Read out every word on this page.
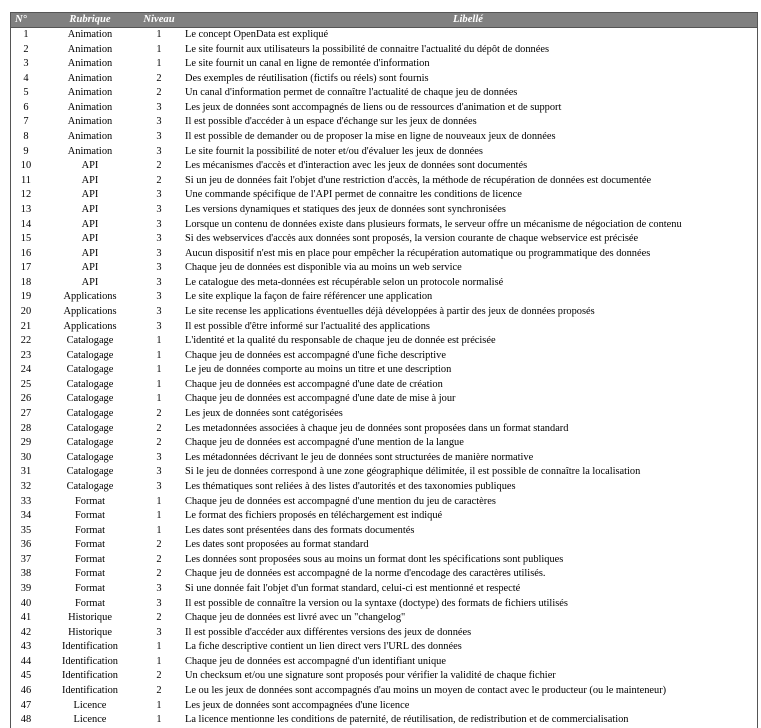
N°	Rubrique	Niveau	Libellé
1	Animation	1	Le concept OpenData est expliqué
2	Animation	1	Le site fournit aux utilisateurs la possibilité de connaitre l'actualité du dépôt de données
3	Animation	1	Le site fournit un canal en ligne de remontée d'information
4	Animation	2	Des exemples de réutilisation (fictifs ou réels) sont fournis
5	Animation	2	Un canal d'information permet de connaître l'actualité de chaque jeu de données
6	Animation	3	Les jeux de données sont accompagnés de liens ou de ressources d'animation et de support
7	Animation	3	Il est possible d'accéder à un espace d'échange sur les jeux de données
8	Animation	3	Il est possible de demander ou de proposer la mise en ligne de nouveaux jeux de données
9	Animation	3	Le site fournit la possibilité de noter et/ou d'évaluer les jeux de données
10	API	2	Les mécanismes d'accès et d'interaction avec les jeux de données sont documentés
11	API	2	Si un jeu de données fait l'objet d'une restriction d'accès, la méthode de récupération de données est documentée
12	API	3	Une commande spécifique de l'API permet de connaitre les conditions de licence
13	API	3	Les versions dynamiques et statiques des jeux de données sont synchronisées
14	API	3	Lorsque un contenu de données existe dans plusieurs formats, le serveur offre un mécanisme de négociation de contenu
15	API	3	Si des webservices d'accès aux données sont proposés, la version courante de chaque webservice est précisée
16	API	3	Aucun dispositif n'est mis en place pour empêcher la récupération automatique ou programmatique des données
17	API	3	Chaque jeu de données est disponible via au moins un web service
18	API	3	Le catalogue des meta-données est récupérable selon un protocole normalisé
19	Applications	3	Le site explique la façon de faire référencer une application
20	Applications	3	Le site recense les applications éventuelles déjà développées à partir des jeux de données proposés
21	Applications	3	Il est possible d'être informé sur l'actualité des applications
22	Catalogage	1	L'identité et la qualité du responsable de chaque jeu de donnée est précisée
23	Catalogage	1	Chaque jeu de données est accompagné d'une fiche descriptive
24	Catalogage	1	Le jeu de données comporte au moins un titre et une description
25	Catalogage	1	Chaque jeu de données est accompagné d'une date de création
26	Catalogage	1	Chaque jeu de données est accompagné d'une date de mise à jour
27	Catalogage	2	Les jeux de données sont catégorisées
28	Catalogage	2	Les metadonnées associées à chaque jeu de données sont proposées dans un format standard
29	Catalogage	2	Chaque jeu de données est accompagné d'une mention de la langue
30	Catalogage	3	Les métadonnées décrivant le jeu de données sont structurées de manière normative
31	Catalogage	3	Si le jeu de données correspond à une zone géographique délimitée, il est possible de connaître la localisation
32	Catalogage	3	Les thématiques sont reliées à des listes d'autorités et des taxonomies publiques
33	Format	1	Chaque jeu de données est accompagné d'une mention du jeu de caractères
34	Format	1	Le format des fichiers proposés en téléchargement est indiqué
35	Format	1	Les dates sont présentées dans des formats documentés
36	Format	2	Les dates sont proposées au format standard
37	Format	2	Les données sont proposées sous au moins un format dont les spécifications sont publiques
38	Format	2	Chaque jeu de données est accompagné de la norme d'encodage des caractères utilisés.
39	Format	3	Si une donnée fait l'objet d'un format standard, celui-ci est mentionné et respecté
40	Format	3	Il est possible de connaître la version ou la syntaxe (doctype) des formats de fichiers utilisés
41	Historique	2	Chaque jeu de données est livré avec un "changelog"
42	Historique	3	Il est possible d'accéder aux différentes versions des jeux de données
43	Identification	1	La fiche descriptive contient un lien direct vers l'URL des données
44	Identification	1	Chaque jeu de données est accompagné d'un identifiant unique
45	Identification	2	Un checksum et/ou une signature sont proposés pour vérifier la validité de chaque fichier
46	Identification	2	Le ou les jeux de données sont accompagnés d'au moins un moyen de contact avec le producteur (ou le mainteneur)
47	Licence	1	Les jeux de données sont accompagnées d'une licence
48	Licence	1	La licence mentionne les conditions de paternité, de réutilisation, de redistribution et de commercialisation
